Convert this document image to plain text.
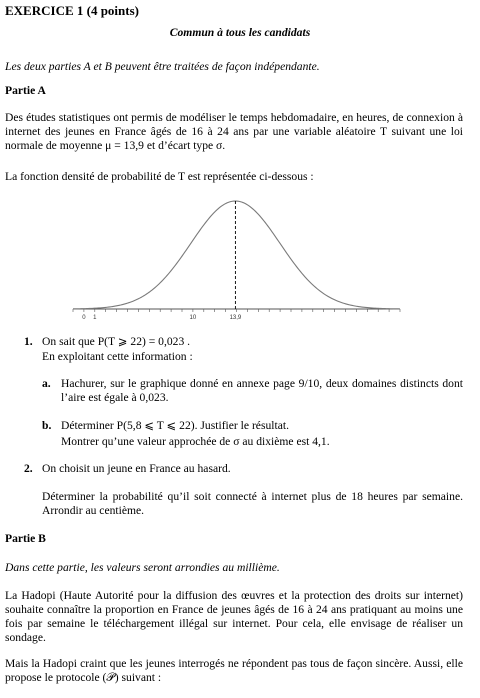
EXERCICE 1 (4 points)
Commun à tous les candidats
Les deux parties A et B peuvent être traitées de façon indépendante.
Partie A
Des études statistiques ont permis de modéliser le temps hebdomadaire, en heures, de connexion à internet des jeunes en France âgés de 16 à 24 ans par une variable aléatoire T suivant une loi normale de moyenne μ = 13,9 et d’écart type σ.
La fonction densité de probabilité de T est représentée ci-dessous :
0 1	10	13,9
1. On sait que P(T ⩾ 22) = 0,023 .
En exploitant cette information :
a. Hachurer, sur le graphique donné en annexe page 9/10, deux domaines distincts dont l’aire est égale à 0,023.
b. Déterminer P(5,8 ⩽ T ⩽ 22). Justifier le résultat.
Montrer qu’une valeur approchée de σ au dixième est 4,1.
2. On choisit un jeune en France au hasard.
Déterminer la probabilité qu’il soit connecté à internet plus de 18 heures par semaine. Arrondir au centième.
Partie B
Dans cette partie, les valeurs seront arrondies au millième.
La Hadopi (Haute Autorité pour la diffusion des œuvres et la protection des droits sur internet) souhaite connaître la proportion en France de jeunes âgés de 16 à 24 ans pratiquant au moins une fois par semaine le téléchargement illégal sur internet. Pour cela, elle envisage de réaliser un sondage.
Mais la Hadopi craint que les jeunes interrogés ne répondent pas tous de façon sincère. Aussi, elle propose le protocole (𝒫) suivant :
